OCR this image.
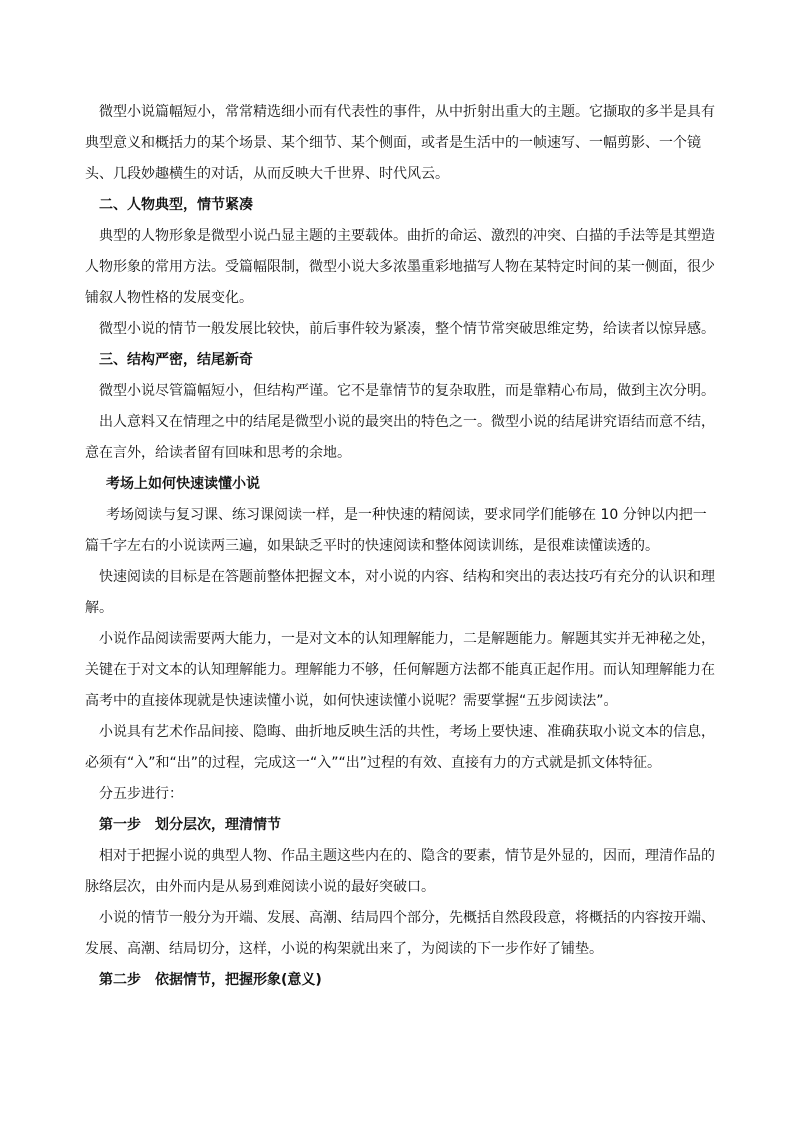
微型小说篇幅短小，常常精选细小而有代表性的事件，从中折射出重大的主题。它撷取的多半是具有典型意义和概括力的某个场景、某个细节、某个侧面，或者是生活中的一帧速写、一幅剪影、一个镜头、几段妙趣横生的对话，从而反映大千世界、时代风云。

二、人物典型，情节紧凑

典型的人物形象是微型小说凸显主题的主要载体。曲折的命运、激烈的冲突、白描的手法等是其塑造人物形象的常用方法。受篇幅限制，微型小说大多浓墨重彩地描写人物在某特定时间的某一侧面，很少铺叙人物性格的发展变化。

微型小说的情节一般发展比较快，前后事件较为紧凑，整个情节常突破思维定势，给读者以惊异感。

三、结构严密，结尾新奇

微型小说尽管篇幅短小，但结构严谨。它不是靠情节的复杂取胜，而是靠精心布局，做到主次分明。

出人意料又在情理之中的结尾是微型小说的最突出的特色之一。微型小说的结尾讲究语结而意不结，意在言外，给读者留有回味和思考的余地。

考场上如何快速读懂小说

考场阅读与复习课、练习课阅读一样，是一种快速的精阅读，要求同学们能够在 10 分钟以内把一篇千字左右的小说读两三遍，如果缺乏平时的快速阅读和整体阅读训练，是很难读懂读透的。

快速阅读的目标是在答题前整体把握文本，对小说的内容、结构和突出的表达技巧有充分的认识和理解。

小说作品阅读需要两大能力，一是对文本的认知理解能力，二是解题能力。解题其实并无神秘之处，关键在于对文本的认知理解能力。理解能力不够，任何解题方法都不能真正起作用。而认知理解能力在高考中的直接体现就是快速读懂小说，如何快速读懂小说呢？需要掌握“五步阅读法”。

小说具有艺术作品间接、隐晦、曲折地反映生活的共性，考场上要快速、准确获取小说文本的信息，必须有“入”和“出”的过程，完成这一“入”“出”过程的有效、直接有力的方式就是抓文体特征。

分五步进行：

第一步　划分层次，理清情节

相对于把握小说的典型人物、作品主题这些内在的、隐含的要素，情节是外显的，因而，理清作品的脉络层次，由外而内是从易到难阅读小说的最好突破口。

小说的情节一般分为开端、发展、高潮、结局四个部分，先概括自然段段意，将概括的内容按开端、发展、高潮、结局切分，这样，小说的构架就出来了，为阅读的下一步作好了铺垫。

第二步　依据情节，把握形象(意义)
